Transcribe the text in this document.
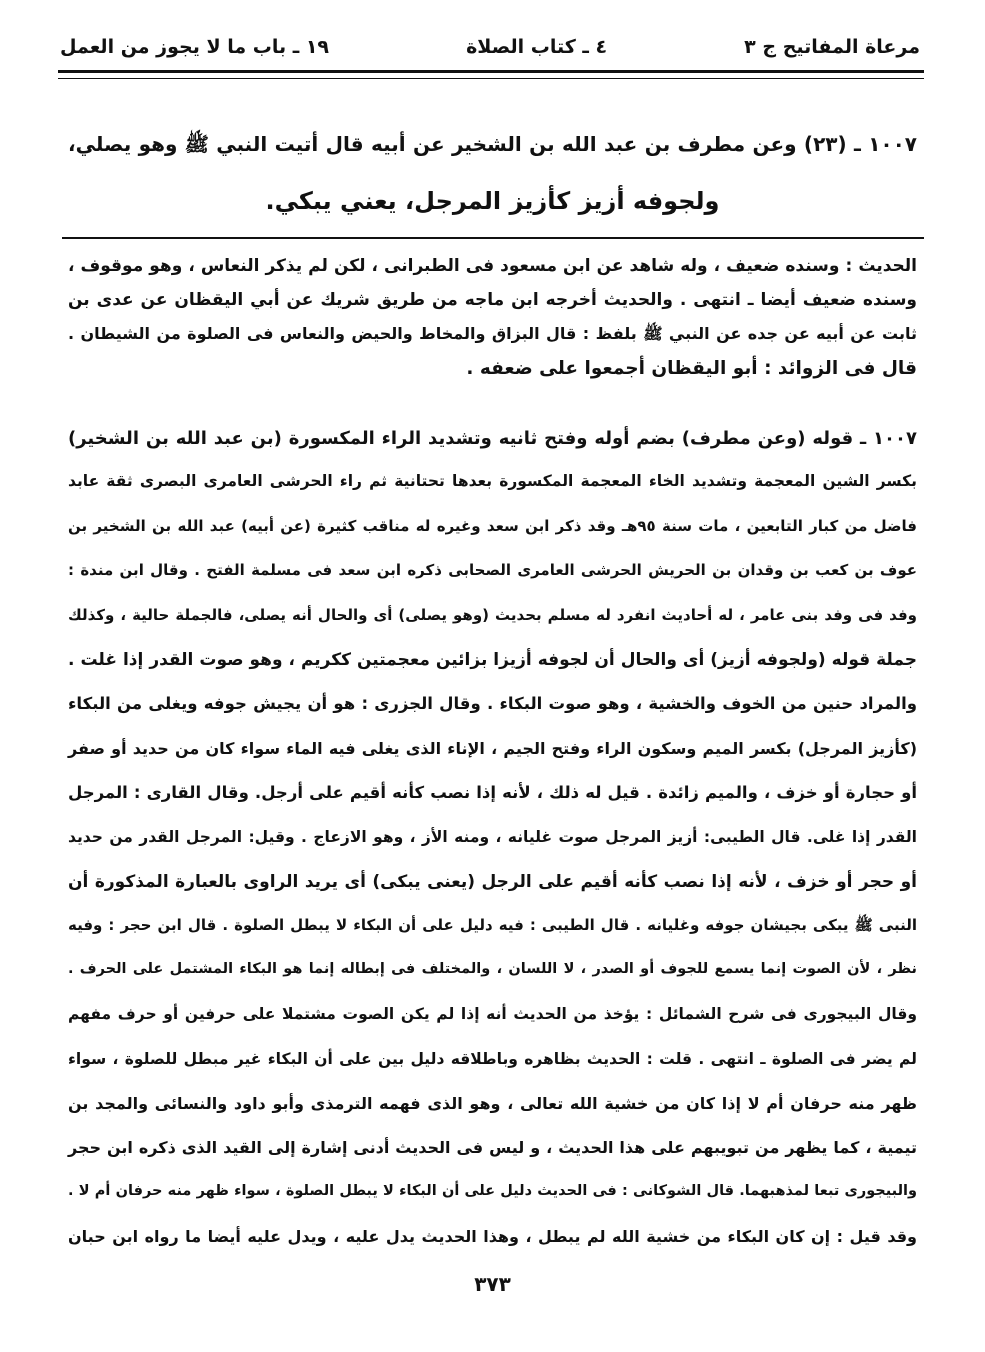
مرعاة المفاتيح ج ٣
٤ ـ كتاب الصلاة
١٩ ـ باب ما لا يجوز من العمل
١٠٠٧ ـ (٢٣) وعن مطرف بن عبد الله بن الشخير عن أبيه قال أتيت النبي ﷺ وهو يصلي،
ولجوفه أزيز كأزيز المرجل، يعني يبكي.
الحديث : وسنده ضعيف ، وله شاهد عن ابن مسعود فى الطبرانى ، لكن لم يذكر النعاس ، وهو موقوف ،
وسنده ضعيف أيضا ـ انتهى . والحديث أخرجه ابن ماجه من طريق شريك عن أبي اليقظان عن عدى بن
ثابت عن أبيه عن جده عن النبي ﷺ بلفظ : قال البزاق والمخاط والحيض والنعاس فى الصلوة من الشيطان .
قال فى الزوائد : أبو اليقظان أجمعوا على ضعفه .
١٠٠٧ ـ قوله (وعن مطرف) بضم أوله وفتح ثانيه وتشديد الراء المكسورة (بن عبد الله بن الشخير)
بكسر الشين المعجمة وتشديد الخاء المعجمة المكسورة بعدها تحتانية ثم راء الحرشى العامرى البصرى ثقة عابد
فاضل من كبار التابعين ، مات سنة ٩٥هـ وقد ذكر ابن سعد وغيره له مناقب كثيرة (عن أبيه) عبد الله بن الشخير بن
عوف بن كعب بن وقدان بن الحريش الحرشى العامرى الصحابى ذكره ابن سعد فى مسلمة الفتح . وقال ابن مندة :
وفد فى وفد بنى عامر ، له أحاديث انفرد له مسلم بحديث (وهو يصلى) أى والحال أنه يصلى، فالجملة حالية ، وكذلك
جملة قوله (ولجوفه أزيز) أى والحال أن لجوفه أزيزا بزائين معجمتين ككريم ، وهو صوت القدر إذا غلت .
والمراد حنين من الخوف والخشية ، وهو صوت البكاء . وقال الجزرى : هو أن يجيش جوفه ويغلى من البكاء
(كأزيز المرجل) بكسر الميم وسكون الراء وفتح الجيم ، الإناء الذى يغلى فيه الماء سواء كان من حديد أو صفر
أو حجارة أو خزف ، والميم زائدة . قيل له ذلك ، لأنه إذا نصب كأنه أقيم على أرجل. وقال القارى : المرجل
القدر إذا غلى. قال الطيبى: أزيز المرجل صوت غليانه ، ومنه الأز ، وهو الازعاج . وقيل: المرجل القدر من حديد
أو حجر أو خزف ، لأنه إذا نصب كأنه أقيم على الرجل (يعنى يبكى) أى يريد الراوى بالعبارة المذكورة أن
النبى ﷺ يبكى بجيشان جوفه وغليانه . قال الطيبى : فيه دليل على أن البكاء لا يبطل الصلوة . قال ابن حجر : وفيه
نظر ، لأن الصوت إنما يسمع للجوف أو الصدر ، لا اللسان ، والمختلف فى إبطاله إنما هو البكاء المشتمل على الحرف .
وقال البيجورى فى شرح الشمائل : يؤخذ من الحديث أنه إذا لم يكن الصوت مشتملا على حرفين أو حرف مفهم
لم يضر فى الصلوة ـ انتهى . قلت : الحديث بظاهره وباطلاقه دليل بين على أن البكاء غير مبطل للصلوة ، سواء
ظهر منه حرفان أم لا إذا كان من خشية الله تعالى ، وهو الذى فهمه الترمذى وأبو داود والنسائى والمجد بن
تيمية ، كما يظهر من تبويبهم على هذا الحديث ، و ليس فى الحديث أدنى إشارة إلى القيد الذى ذكره ابن حجر
والبيجورى تبعا لمذهبهما. قال الشوكانى : فى الحديث دليل على أن البكاء لا يبطل الصلوة ، سواء ظهر منه حرفان أم لا .
وقد قيل : إن كان البكاء من خشية الله لم يبطل ، وهذا الحديث يدل عليه ، ويدل عليه أيضا ما رواه ابن حبان
٣٧٣
